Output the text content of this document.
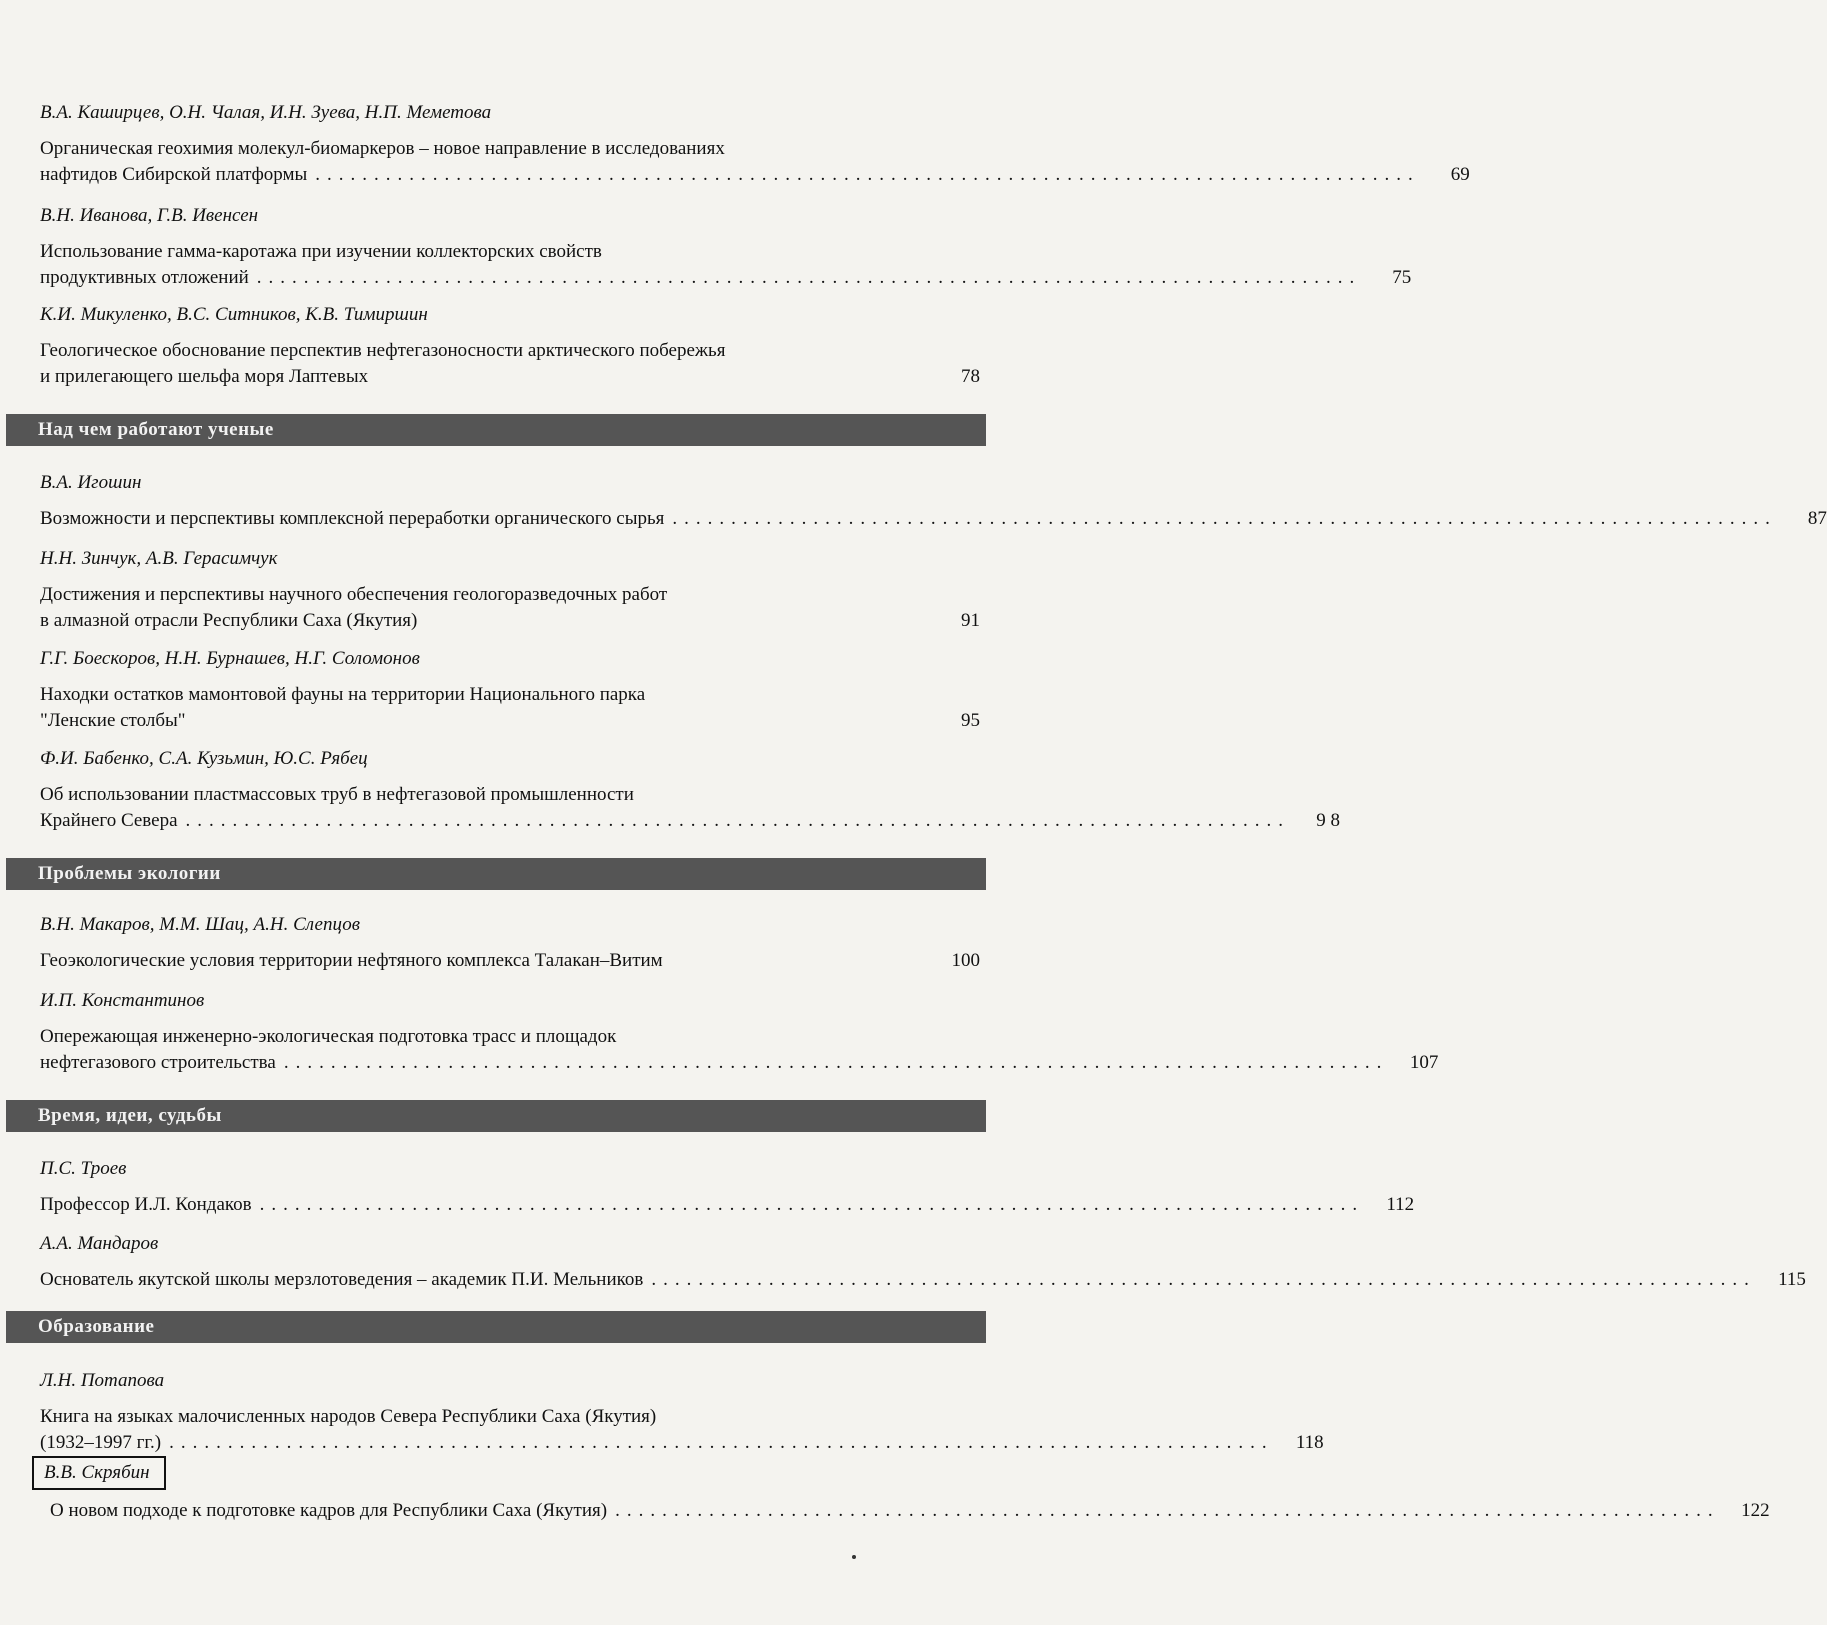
В.А. Каширцев, О.Н. Чалая, И.Н. Зуева, Н.П. Меметова
Органическая геохимия молекул-биомаркеров – новое направление в исследованиях
нафтидов Сибирской платформы ..............................................................................................	69
В.Н. Иванова, Г.В. Ивенсен
Использование гамма-каротажа при изучении коллекторских свойств
продуктивных отложений ..............................................................................................	75
К.И. Микуленко, В.С. Ситников, К.В. Тимиршин
Геологическое обоснование перспектив нефтегазоносности арктического побережья
и прилегающего шельфа моря Лаптевых	78
Над чем работают ученые
В.А. Игошин
Возможности и перспективы комплексной переработки органического сырья ..............................................................................................	87
Н.Н. Зинчук, А.В. Герасимчук
Достижения и перспективы научного обеспечения геологоразведочных работ
в алмазной отрасли Республики Саха (Якутия)	91
Г.Г. Боескоров, Н.Н. Бурнашев, Н.Г. Соломонов
Находки остатков мамонтовой фауны на территории Национального парка
"Ленские столбы"	95
Ф.И. Бабенко, С.А. Кузьмин, Ю.С. Рябец
Об использовании пластмассовых труб в нефтегазовой промышленности
Крайнего Севера ..............................................................................................	9 8
Проблемы экологии
В.Н. Макаров, М.М. Шац, А.Н. Слепцов
Геоэкологические условия территории нефтяного комплекса Талакан–Витим	100
И.П. Константинов
Опережающая инженерно-экологическая подготовка трасс и площадок
нефтегазового строительства ..............................................................................................	107
Время, идеи, судьбы
П.С. Троев
Профессор И.Л. Кондаков ..............................................................................................	112
А.А. Мандаров
Основатель якутской школы мерзлотоведения – академик П.И. Мельников ..............................................................................................	115
Образование
Л.Н. Потапова
Книга на языках малочисленных народов Севера Республики Саха (Якутия)
(1932–1997 гг.) ..............................................................................................	118
В.В. Скрябин
О новом подходе к подготовке кадров для Республики Саха (Якутия) ..............................................................................................	122
